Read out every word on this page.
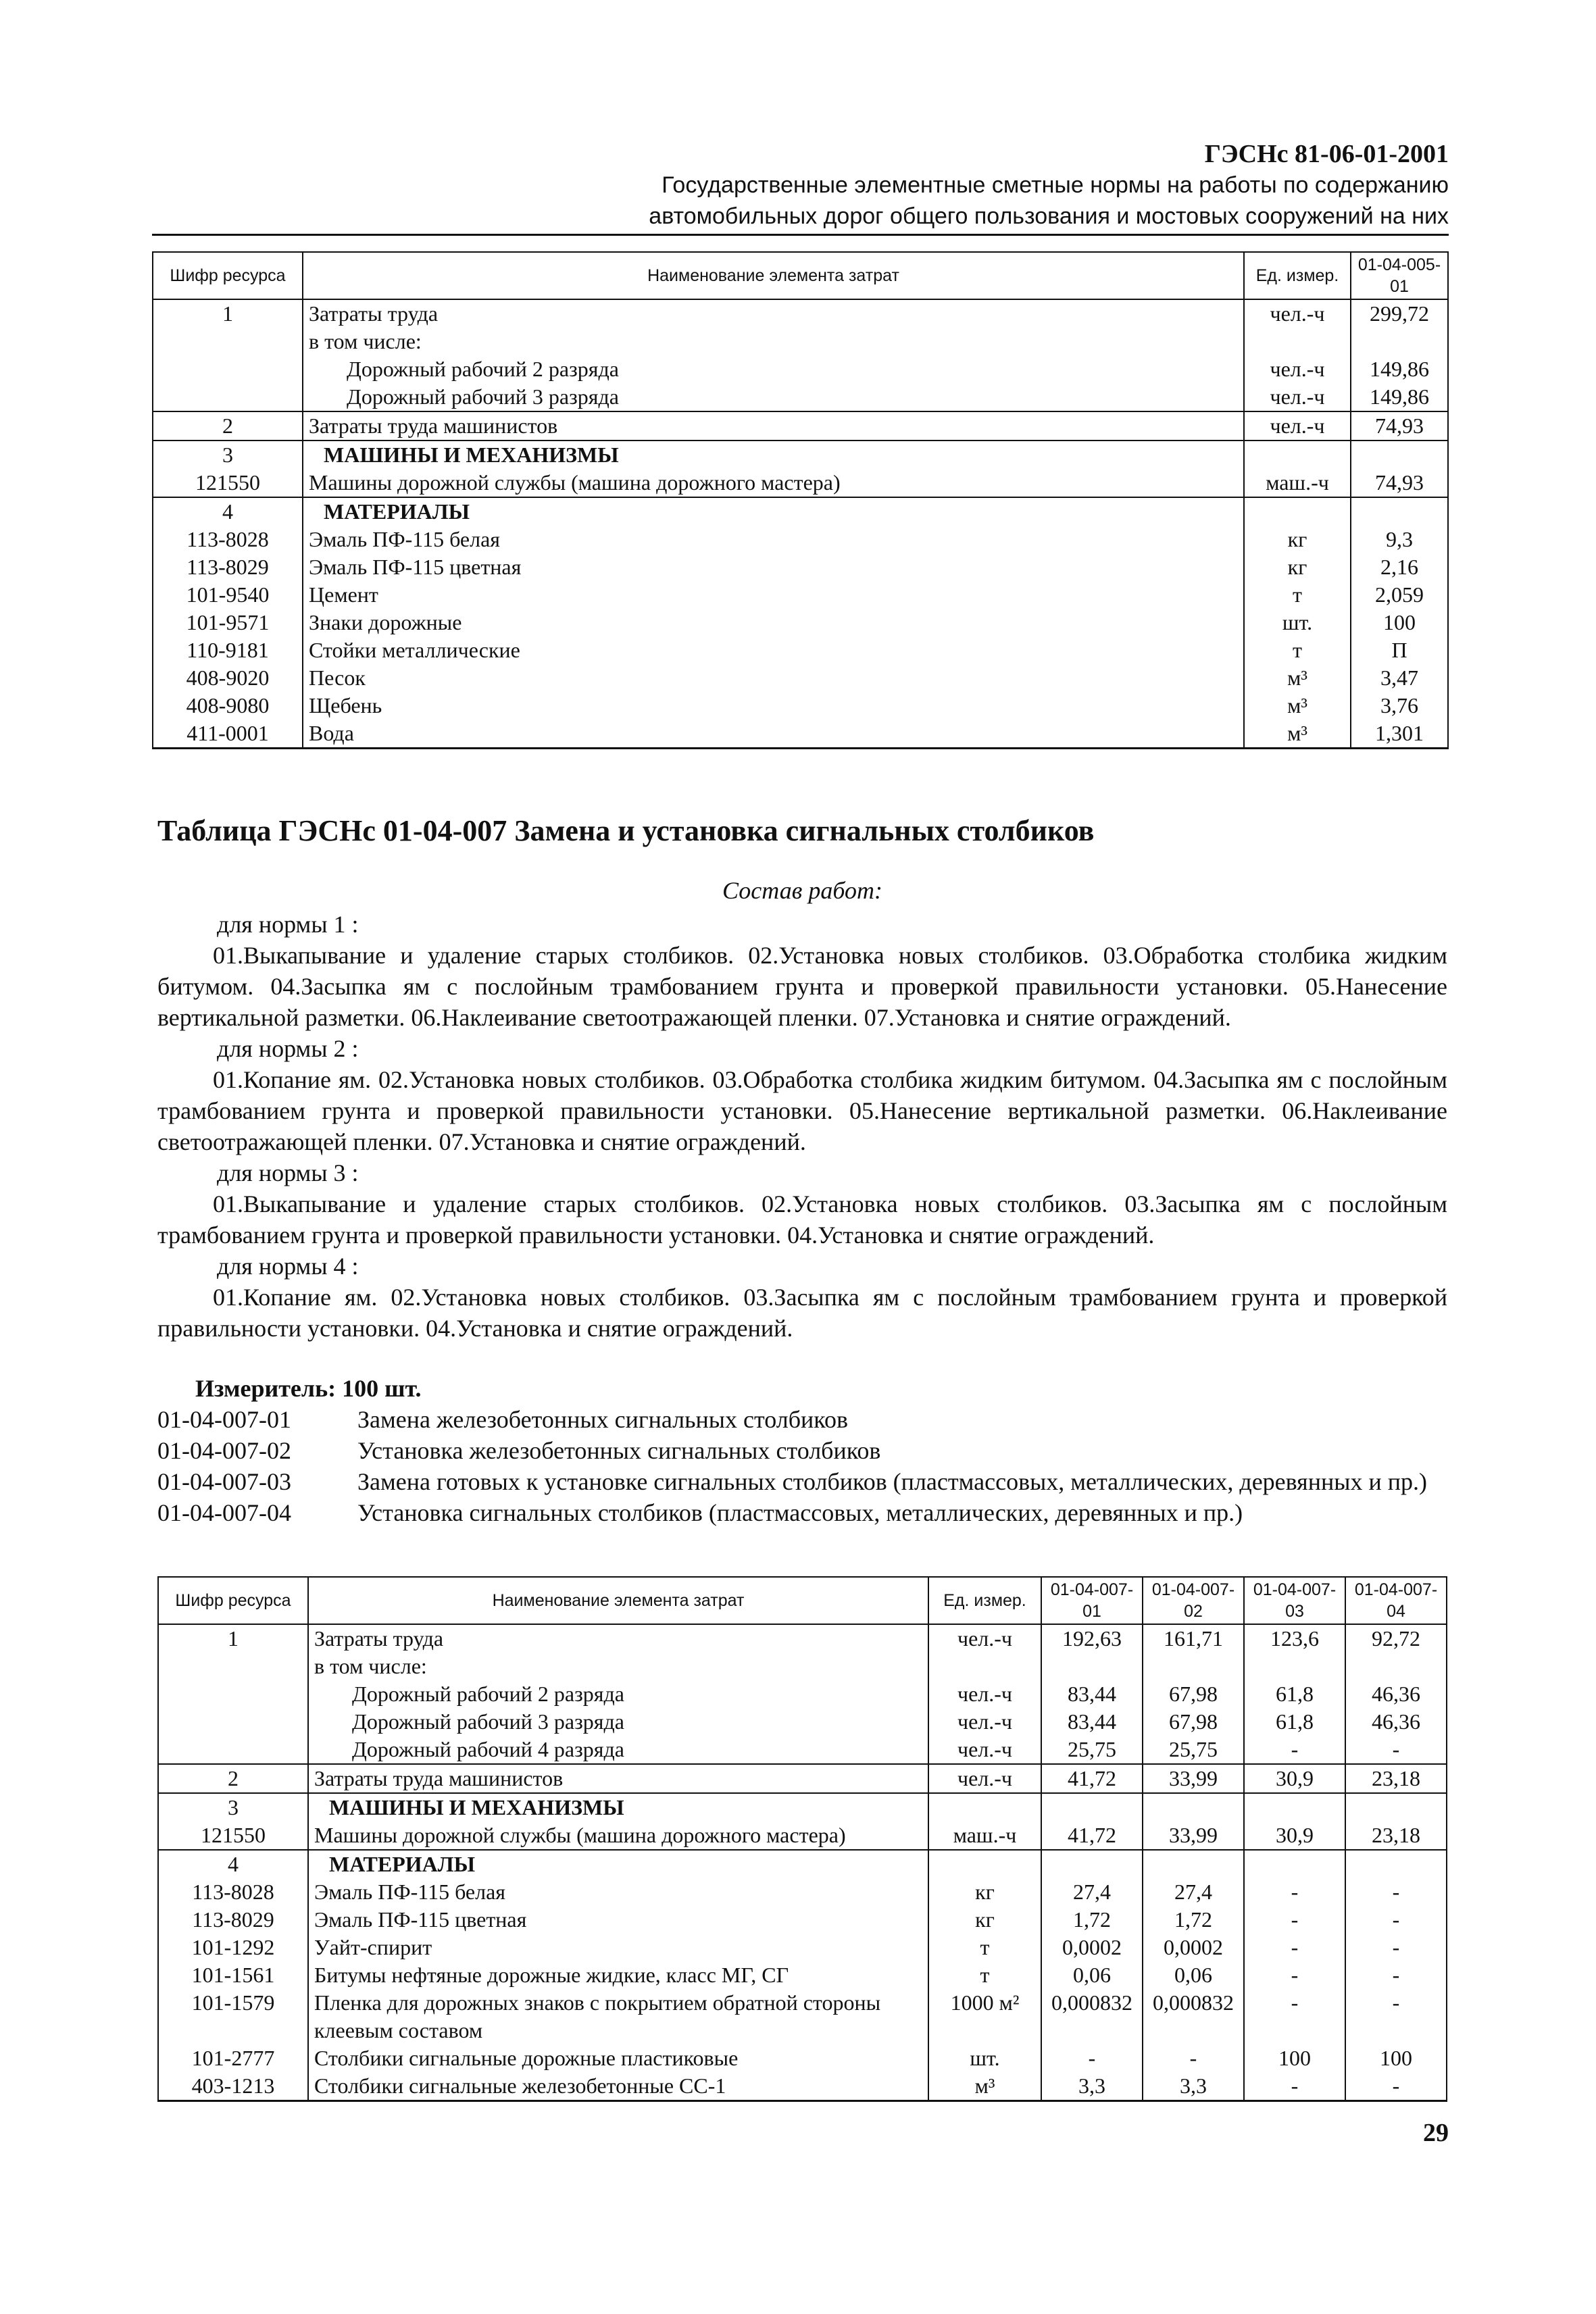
ГЭСНс 81-06-01-2001
Государственные элементные сметные нормы на работы по содержанию
автомобильных дорог общего пользования и мостовых сооружений на них
Шифр ресурса	Наименование элемента затрат	Ед. измер.	01-04-005-01
1	Затраты труда	чел.-ч	299,72
	в том числе:		
	Дорожный рабочий 2 разряда	чел.-ч	149,86
	Дорожный рабочий 3 разряда	чел.-ч	149,86
2	Затраты труда машинистов	чел.-ч	74,93
3	МАШИНЫ И МЕХАНИЗМЫ		
121550	Машины дорожной службы (машина дорожного мастера)	маш.-ч	74,93
4	МАТЕРИАЛЫ		
113-8028	Эмаль ПФ-115 белая	кг	9,3
113-8029	Эмаль ПФ-115 цветная	кг	2,16
101-9540	Цемент	т	2,059
101-9571	Знаки дорожные	шт.	100
110-9181	Стойки металлические	т	П
408-9020	Песок	м³	3,47
408-9080	Щебень	м³	3,76
411-0001	Вода	м³	1,301
Таблица ГЭСНс 01-04-007 Замена и установка сигнальных столбиков
Состав работ:
для нормы 1 :

01.Выкапывание и удаление старых столбиков. 02.Установка новых столбиков. 03.Обработка столбика жидким битумом. 04.Засыпка ям с послойным трамбованием грунта и проверкой правильности установки. 05.Нанесение вертикальной разметки. 06.Наклеивание светоотражающей пленки. 07.Установка и снятие ограждений.

для нормы 2 :

01.Копание ям. 02.Установка новых столбиков. 03.Обработка столбика жидким битумом. 04.Засыпка ям с послойным трамбованием грунта и проверкой правильности установки. 05.Нанесение вертикальной разметки. 06.Наклеивание светоотражающей пленки. 07.Установка и снятие ограждений.

для нормы 3 :

01.Выкапывание и удаление старых столбиков. 02.Установка новых столбиков. 03.Засыпка ям с послойным трамбованием грунта и проверкой правильности установки. 04.Установка и снятие ограждений.

для нормы 4 :

01.Копание ям. 02.Установка новых столбиков. 03.Засыпка ям с послойным трамбованием грунта и проверкой правильности установки. 04.Установка и снятие ограждений.

Измеритель: 100 шт.
01-04-007-01	Замена железобетонных сигнальных столбиков
01-04-007-02	Установка железобетонных сигнальных столбиков
01-04-007-03	Замена готовых к установке сигнальных столбиков (пластмассовых, металлических, деревянных и пр.)
01-04-007-04	Установка сигнальных столбиков (пластмассовых, металлических, деревянных и пр.)
Шифр ресурса	Наименование элемента затрат	Ед. измер.	01-04-007-01	01-04-007-02	01-04-007-03	01-04-007-04
1	Затраты труда	чел.-ч	192,63	161,71	123,6	92,72
	в том числе:					
	Дорожный рабочий 2 разряда	чел.-ч	83,44	67,98	61,8	46,36
	Дорожный рабочий 3 разряда	чел.-ч	83,44	67,98	61,8	46,36
	Дорожный рабочий 4 разряда	чел.-ч	25,75	25,75	-	-
2	Затраты труда машинистов	чел.-ч	41,72	33,99	30,9	23,18
3	МАШИНЫ И МЕХАНИЗМЫ					
121550	Машины дорожной службы (машина дорожного мастера)	маш.-ч	41,72	33,99	30,9	23,18
4	МАТЕРИАЛЫ					
113-8028	Эмаль ПФ-115 белая	кг	27,4	27,4	-	-
113-8029	Эмаль ПФ-115 цветная	кг	1,72	1,72	-	-
101-1292	Уайт-спирит	т	0,0002	0,0002	-	-
101-1561	Битумы нефтяные дорожные жидкие, класс МГ, СГ	т	0,06	0,06	-	-
101-1579	Пленка для дорожных знаков с покрытием обратной стороны клеевым составом	1000 м²	0,000832	0,000832	-	-
101-2777	Столбики сигнальные дорожные пластиковые	шт.	-	-	100	100
403-1213	Столбики сигнальные железобетонные СС-1	м³	3,3	3,3	-	-
29
